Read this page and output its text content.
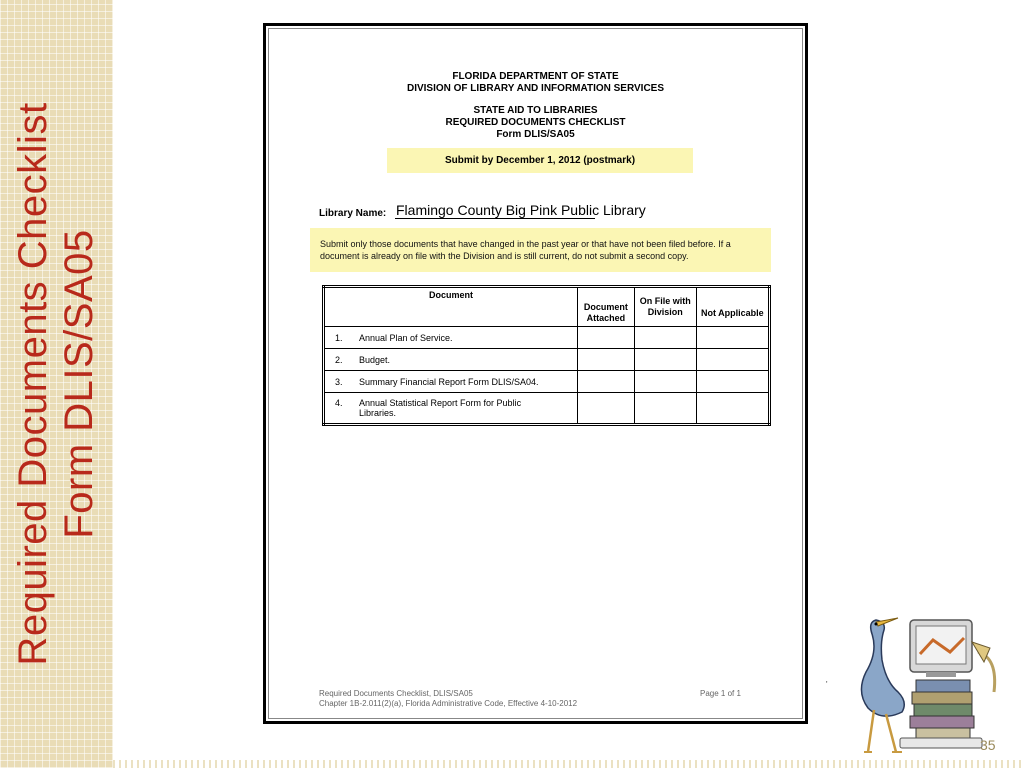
Required Documents Checklist Form DLIS/SA05
FLORIDA DEPARTMENT OF STATE
DIVISION OF LIBRARY AND INFORMATION SERVICES
STATE AID TO LIBRARIES
REQUIRED DOCUMENTS CHECKLIST
Form DLIS/SA05
Submit by December 1, 2012 (postmark)
Library Name: Flamingo County Big Pink Public Library
Submit only those documents that have changed in the past year or that have not been filed before. If a document is already on file with the Division and is still current, do not submit a second copy.
Document	Document Attached	On File with Division	Not Applicable
1. Annual Plan of Service.			
2. Budget.			
3. Summary Financial Report Form DLIS/SA04.			
4. Annual Statistical Report Form for Public Libraries.			
Required Documents Checklist, DLIS/SA05
Chapter 1B-2.011(2)(a), Florida Administrative Code, Effective 4-10-2012
Page 1 of 1
'
35
